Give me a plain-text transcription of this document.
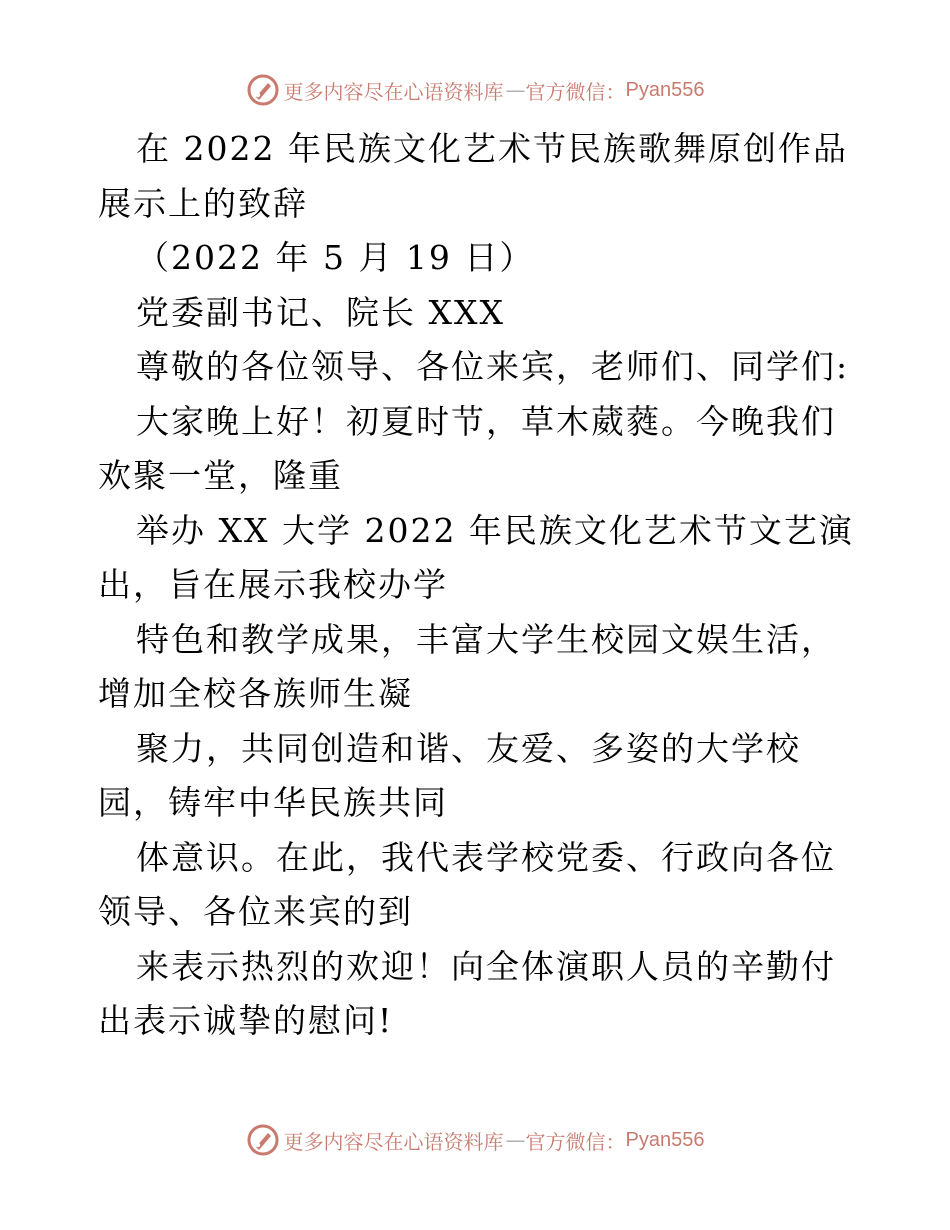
更多内容尽在心语资料库 — 官方微信： Pyan556

在 2022 年民族文化艺术节民族歌舞原创作品展示上的致辞

（2022 年 5 月 19 日）

党委副书记、院长 XXX

尊敬的各位领导、各位来宾，老师们、同学们:

大家晚上好！初夏时节，草木葳蕤。今晚我们欢聚一堂，隆重

举办 XX 大学 2022 年民族文化艺术节文艺演出，旨在展示我校办学

特色和教学成果，丰富大学生校园文娱生活，增加全校各族师生凝

聚力，共同创造和谐、友爱、多姿的大学校园，铸牢中华民族共同

体意识。在此，我代表学校党委、行政向各位领导、各位来宾的到

来表示热烈的欢迎！向全体演职人员的辛勤付出表示诚挚的慰问!

更多内容尽在心语资料库 — 官方微信： Pyan556
